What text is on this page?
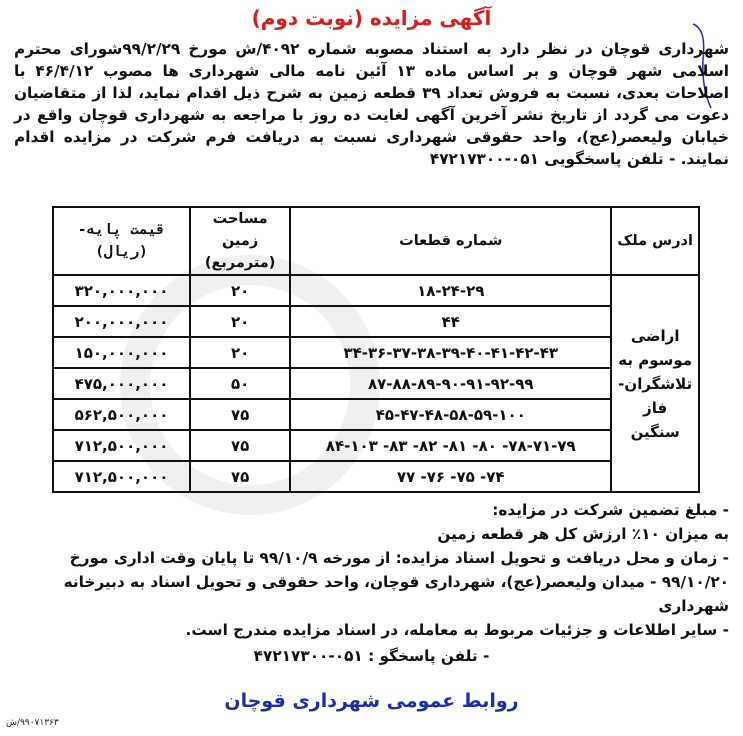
آگهی مزایده (نوبت دوم)
شهرداری قوچان در نظر دارد به استناد مصوبه شماره ۴۰۹۲/ش مورخ ۹۹/۲/۲۹شورای محترم اسلامی شهر قوچان و بر اساس ماده ۱۳ آئین نامه مالی شهرداری ها مصوب ۴۶/۴/۱۲ با اصلاحات بعدی، نسبت به فروش تعداد ۳۹ قطعه زمین به شرح ذیل اقدام نماید، لذا از متقاضیان دعوت می گردد از تاریخ نشر آخرین آگهی لغایت ده روز با مراجعه به شهرداری قوچان واقع در خیابان ولیعصر(عج)، واحد حقوقی شهرداری نسبت به دریافت فرم شرکت در مزایده اقدام نمایند. - تلفن پاسخگویی ۰۵۱-۴۷۲۱۷۳۰۰
ادرس ملک	شماره قطعات	مساحت زمین (مترمربع)	قیمت پایه- (ریال)
اراضی موسوم به تلاشگران- فاز سنگین	۱۸-۲۴-۲۹	۲۰	۳۲۰,۰۰۰,۰۰۰
	۴۴	۲۰	۲۰۰,۰۰۰,۰۰۰
	۳۴-۳۶-۳۷-۳۸-۳۹-۴۰-۴۱-۴۲-۴۳	۲۰	۱۵۰,۰۰۰,۰۰۰
	۸۷-۸۸-۸۹-۹۰-۹۱-۹۲-۹۹	۵۰	۴۷۵,۰۰۰,۰۰۰
	۴۵-۴۷-۴۸-۵۸-۵۹-۱۰۰	۷۵	۵۶۲,۵۰۰,۰۰۰
	۷۸-۷۱-۷۹- ۸۰- ۸۱- ۸۲- ۸۳- ۸۴-۱۰۳	۷۵	۷۱۲,۵۰۰,۰۰۰
	۷۴- ۷۵- ۷۶- ۷۷	۷۵	۷۱۲,۵۰۰,۰۰۰

- مبلغ تضمین شرکت در مزایده:

به میزان ۱۰٪ ارزش کل هر قطعه زمین

- زمان و محل دریافت و تحویل اسناد مزایده: از مورخه ۹۹/۱۰/۹ تا پایان وقت اداری مورخ ۹۹/۱۰/۲۰ - میدان ولیعصر(عج)، شهرداری قوچان، واحد حقوقی و تحویل اسناد به دبیرخانه شهرداری

- سایر اطلاعات و جزئیات مربوط به معامله، در اسناد مزایده مندرج است.

- تلفن پاسخگو : ۰۵۱-۴۷۲۱۷۳۰۰

روابط عمومی شهرداری قوچان
۹۹۰۷۱۳۶۳/ش
